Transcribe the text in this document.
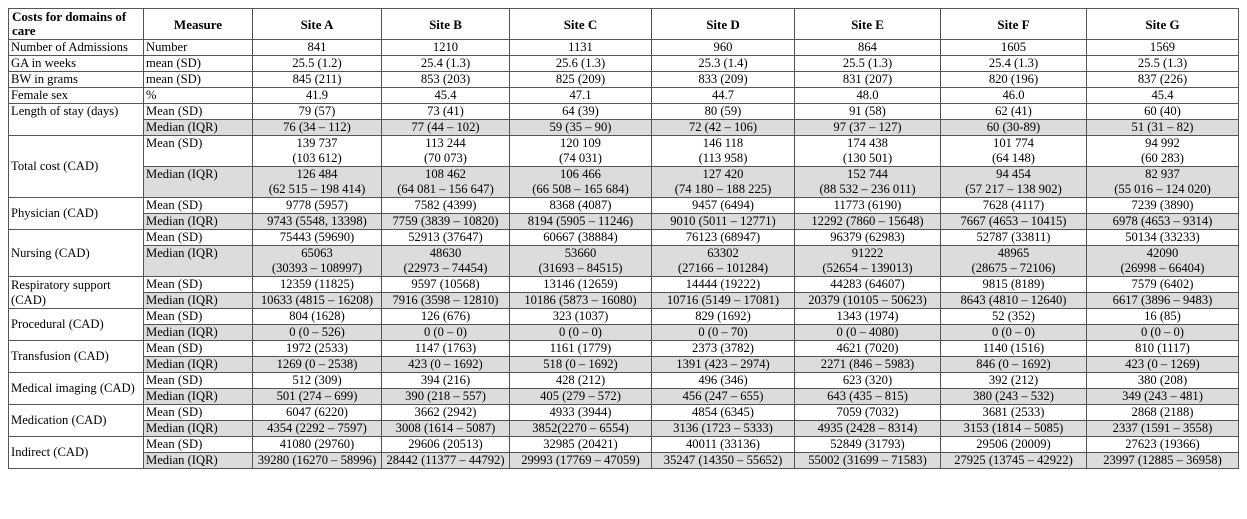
Costs for domains of care	Measure	Site A	Site B	Site C	Site D	Site E	Site F	Site G
Number of Admissions	Number	841	1210	1131	960	864	1605	1569

GA in weeks	mean (SD)	25.5 (1.2)	25.4 (1.3)	25.6 (1.3)	25.3 (1.4)	25.5 (1.3)	25.4 (1.3)	25.5 (1.3)

BW in grams	mean (SD)	845 (211)	853 (203)	825 (209)	833 (209)	831 (207)	820 (196)	837 (226)

Female sex	%	41.9	45.4	47.1	44.7	48.0	46.0	45.4

Length of stay (days)	Mean (SD)	79 (57)	73 (41)	64 (39)	80 (59)	91 (58)	62 (41)	60 (40)

	Median (IQR)	76 (34 – 112)	77 (44 – 102)	59 (35 – 90)	72 (42 – 106)	97 (37 – 127)	60 (30-89)	51 (31 – 82)

Total cost (CAD)	Mean (SD)	139 737
(103 612)	113 244
(70 073)	120 109
(74 031)	146 118
(113 958)	174 438
(130 501)	101 774
(64 148)	94 992
(60 283)

	Median (IQR)	126 484
(62 515 – 198 414)	108 462
(64 081 – 156 647)	106 466
(66 508 – 165 684)	127 420
(74 180 – 188 225)	152 744
(88 532 – 236 011)	94 454
(57 217 – 138 902)	82 937
(55 016 – 124 020)

Physician (CAD)	Mean (SD)	9778 (5957)	7582 (4399)	8368 (4087)	9457 (6494)	11773 (6190)	7628 (4117)	7239 (3890)

	Median (IQR)	9743 (5548, 13398)	7759 (3839 – 10820)	8194 (5905 – 11246)	9010 (5011 – 12771)	12292 (7860 – 15648)	7667 (4653 – 10415)	6978 (4653 – 9314)

Nursing (CAD)	Mean (SD)	75443 (59690)	52913 (37647)	60667 (38884)	76123 (68947)	96379 (62983)	52787 (33811)	50134 (33233)

	Median (IQR)	65063
(30393 – 108997)	48630
(22973 – 74454)	53660
(31693 – 84515)	63302
(27166 – 101284)	91222
(52654 – 139013)	48965
(28675 – 72106)	42090
(26998 – 66404)

Respiratory support (CAD)	Mean (SD)	12359 (11825)	9597 (10568)	13146 (12659)	14444 (19222)	44283 (64607)	9815 (8189)	7579 (6402)

	Median (IQR)	10633 (4815 – 16208)	7916 (3598 – 12810)	10186 (5873 – 16080)	10716 (5149 – 17081)	20379 (10105 – 50623)	8643 (4810 – 12640)	6617 (3896 – 9483)

Procedural (CAD)	Mean (SD)	804 (1628)	126 (676)	323 (1037)	829 (1692)	1343 (1974)	52 (352)	16 (85)

	Median (IQR)	0 (0 – 526)	0 (0 – 0)	0 (0 – 0)	0 (0 – 70)	0 (0 – 4080)	0 (0 – 0)	0 (0 – 0)

Transfusion (CAD)	Mean (SD)	1972 (2533)	1147 (1763)	1161 (1779)	2373 (3782)	4621 (7020)	1140 (1516)	810 (1117)

	Median (IQR)	1269 (0 – 2538)	423 (0 – 1692)	518 (0 – 1692)	1391 (423 – 2974)	2271 (846 – 5983)	846 (0 – 1692)	423 (0 – 1269)

Medical imaging (CAD)	Mean (SD)	512 (309)	394 (216)	428 (212)	496 (346)	623 (320)	392 (212)	380 (208)

	Median (IQR)	501 (274 – 699)	390 (218 – 557)	405 (279 – 572)	456 (247 – 655)	643 (435 – 815)	380 (243 – 532)	349 (243 – 481)

Medication (CAD)	Mean (SD)	6047 (6220)	3662 (2942)	4933 (3944)	4854 (6345)	7059 (7032)	3681 (2533)	2868 (2188)

	Median (IQR)	4354 (2292 – 7597)	3008 (1614 – 5087)	3852(2270 – 6554)	3136 (1723 – 5333)	4935 (2428 – 8314)	3153 (1814 – 5085)	2337 (1591 – 3558)

Indirect (CAD)	Mean (SD)	41080 (29760)	29606 (20513)	32985 (20421)	40011 (33136)	52849 (31793)	29506 (20009)	27623 (19366)

	Median (IQR)	39280 (16270 – 58996)	28442 (11377 – 44792)	29993 (17769 – 47059)	35247 (14350 – 55652)	55002 (31699 – 71583)	27925 (13745 – 42922)	23997 (12885 – 36958)
